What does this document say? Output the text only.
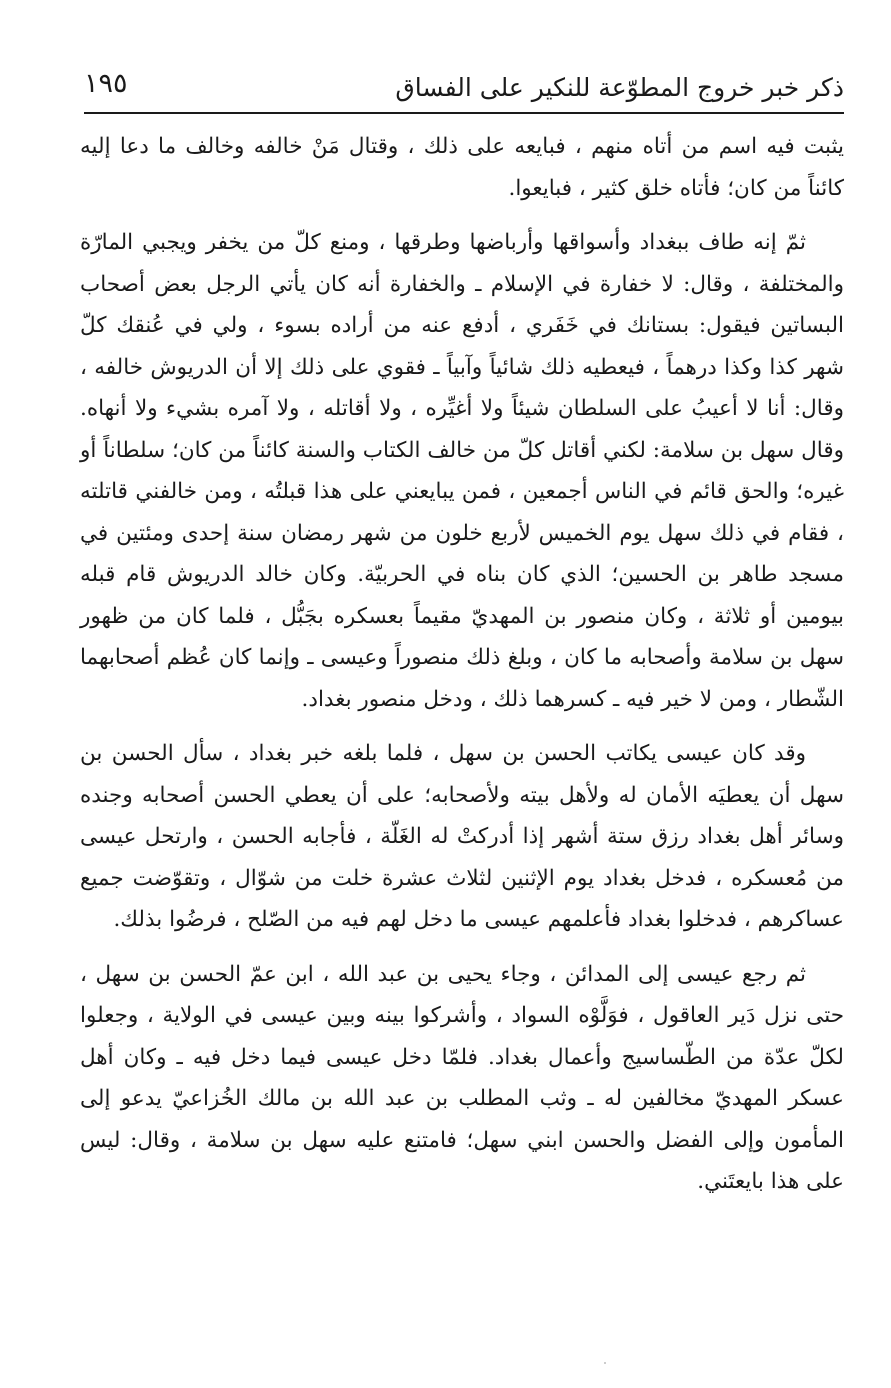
ذكر خبر خروج المطوّعة للنكير على الفساق
١٩٥

يثبت فيه اسم من أتاه منهم ، فبايعه على ذلك ، وقتال مَنْ خالفه وخالف ما دعا إليه كائناً من كان؛ فأتاه خلق كثير ، فبايعوا.

ثمّ إنه طاف ببغداد وأسواقها وأرباضها وطرقها ، ومنع كلّ من يخفر ويجبي المارّة والمختلفة ، وقال: لا خفارة في الإسلام ـ والخفارة أنه كان يأتي الرجل بعض أصحاب البساتين فيقول: بستانك في خَفَري ، أدفع عنه من أراده بسوء ، ولي في عُنقك كلّ شهر كذا وكذا درهماً ، فيعطيه ذلك شائياً وآبياً ـ فقوي على ذلك إلا أن الدريوش خالفه ، وقال: أنا لا أعيبُ على السلطان شيئاً ولا أغيِّره ، ولا أقاتله ، ولا آمره بشيء ولا أنهاه. وقال سهل بن سلامة: لكني أقاتل كلّ من خالف الكتاب والسنة كائناً من كان؛ سلطاناً أو غيره؛ والحق قائم في الناس أجمعين ، فمن يبايعني على هذا قبلتُه ، ومن خالفني قاتلته ، فقام في ذلك سهل يوم الخميس لأربع خلون من شهر رمضان سنة إحدى ومئتين في مسجد طاهر بن الحسين؛ الذي كان بناه في الحربيّة. وكان خالد الدريوش قام قبله بيومين أو ثلاثة ، وكان منصور بن المهديّ مقيماً بعسكره بجَبُّل ، فلما كان من ظهور سهل بن سلامة وأصحابه ما كان ، وبلغ ذلك منصوراً وعيسى ـ وإنما كان عُظم أصحابهما الشّطار ، ومن لا خير فيه ـ كسرهما ذلك ، ودخل منصور بغداد.

وقد كان عيسى يكاتب الحسن بن سهل ، فلما بلغه خبر بغداد ، سأل الحسن بن سهل أن يعطيَه الأمان له ولأهل بيته ولأصحابه؛ على أن يعطي الحسن أصحابه وجنده وسائر أهل بغداد رزق ستة أشهر إذا أدركتْ له الغَلّة ، فأجابه الحسن ، وارتحل عيسى من مُعسكره ، فدخل بغداد يوم الإثنين لثلاث عشرة خلت من شوّال ، وتقوّضت جميع عساكرهم ، فدخلوا بغداد فأعلمهم عيسى ما دخل لهم فيه من الصّلح ، فرضُوا بذلك.

ثم رجع عيسى إلى المدائن ، وجاء يحيى بن عبد الله ، ابن عمّ الحسن بن سهل ، حتى نزل دَير العاقول ، فوَلَّوْه السواد ، وأشركوا بينه وبين عيسى في الولاية ، وجعلوا لكلّ عدّة من الطّساسيج وأعمال بغداد. فلمّا دخل عيسى فيما دخل فيه ـ وكان أهل عسكر المهديّ مخالفين له ـ وثب المطلب بن عبد الله بن مالك الخُزاعيّ يدعو إلى المأمون وإلى الفضل والحسن ابني سهل؛ فامتنع عليه سهل بن سلامة ، وقال: ليس على هذا بايعتَني.
